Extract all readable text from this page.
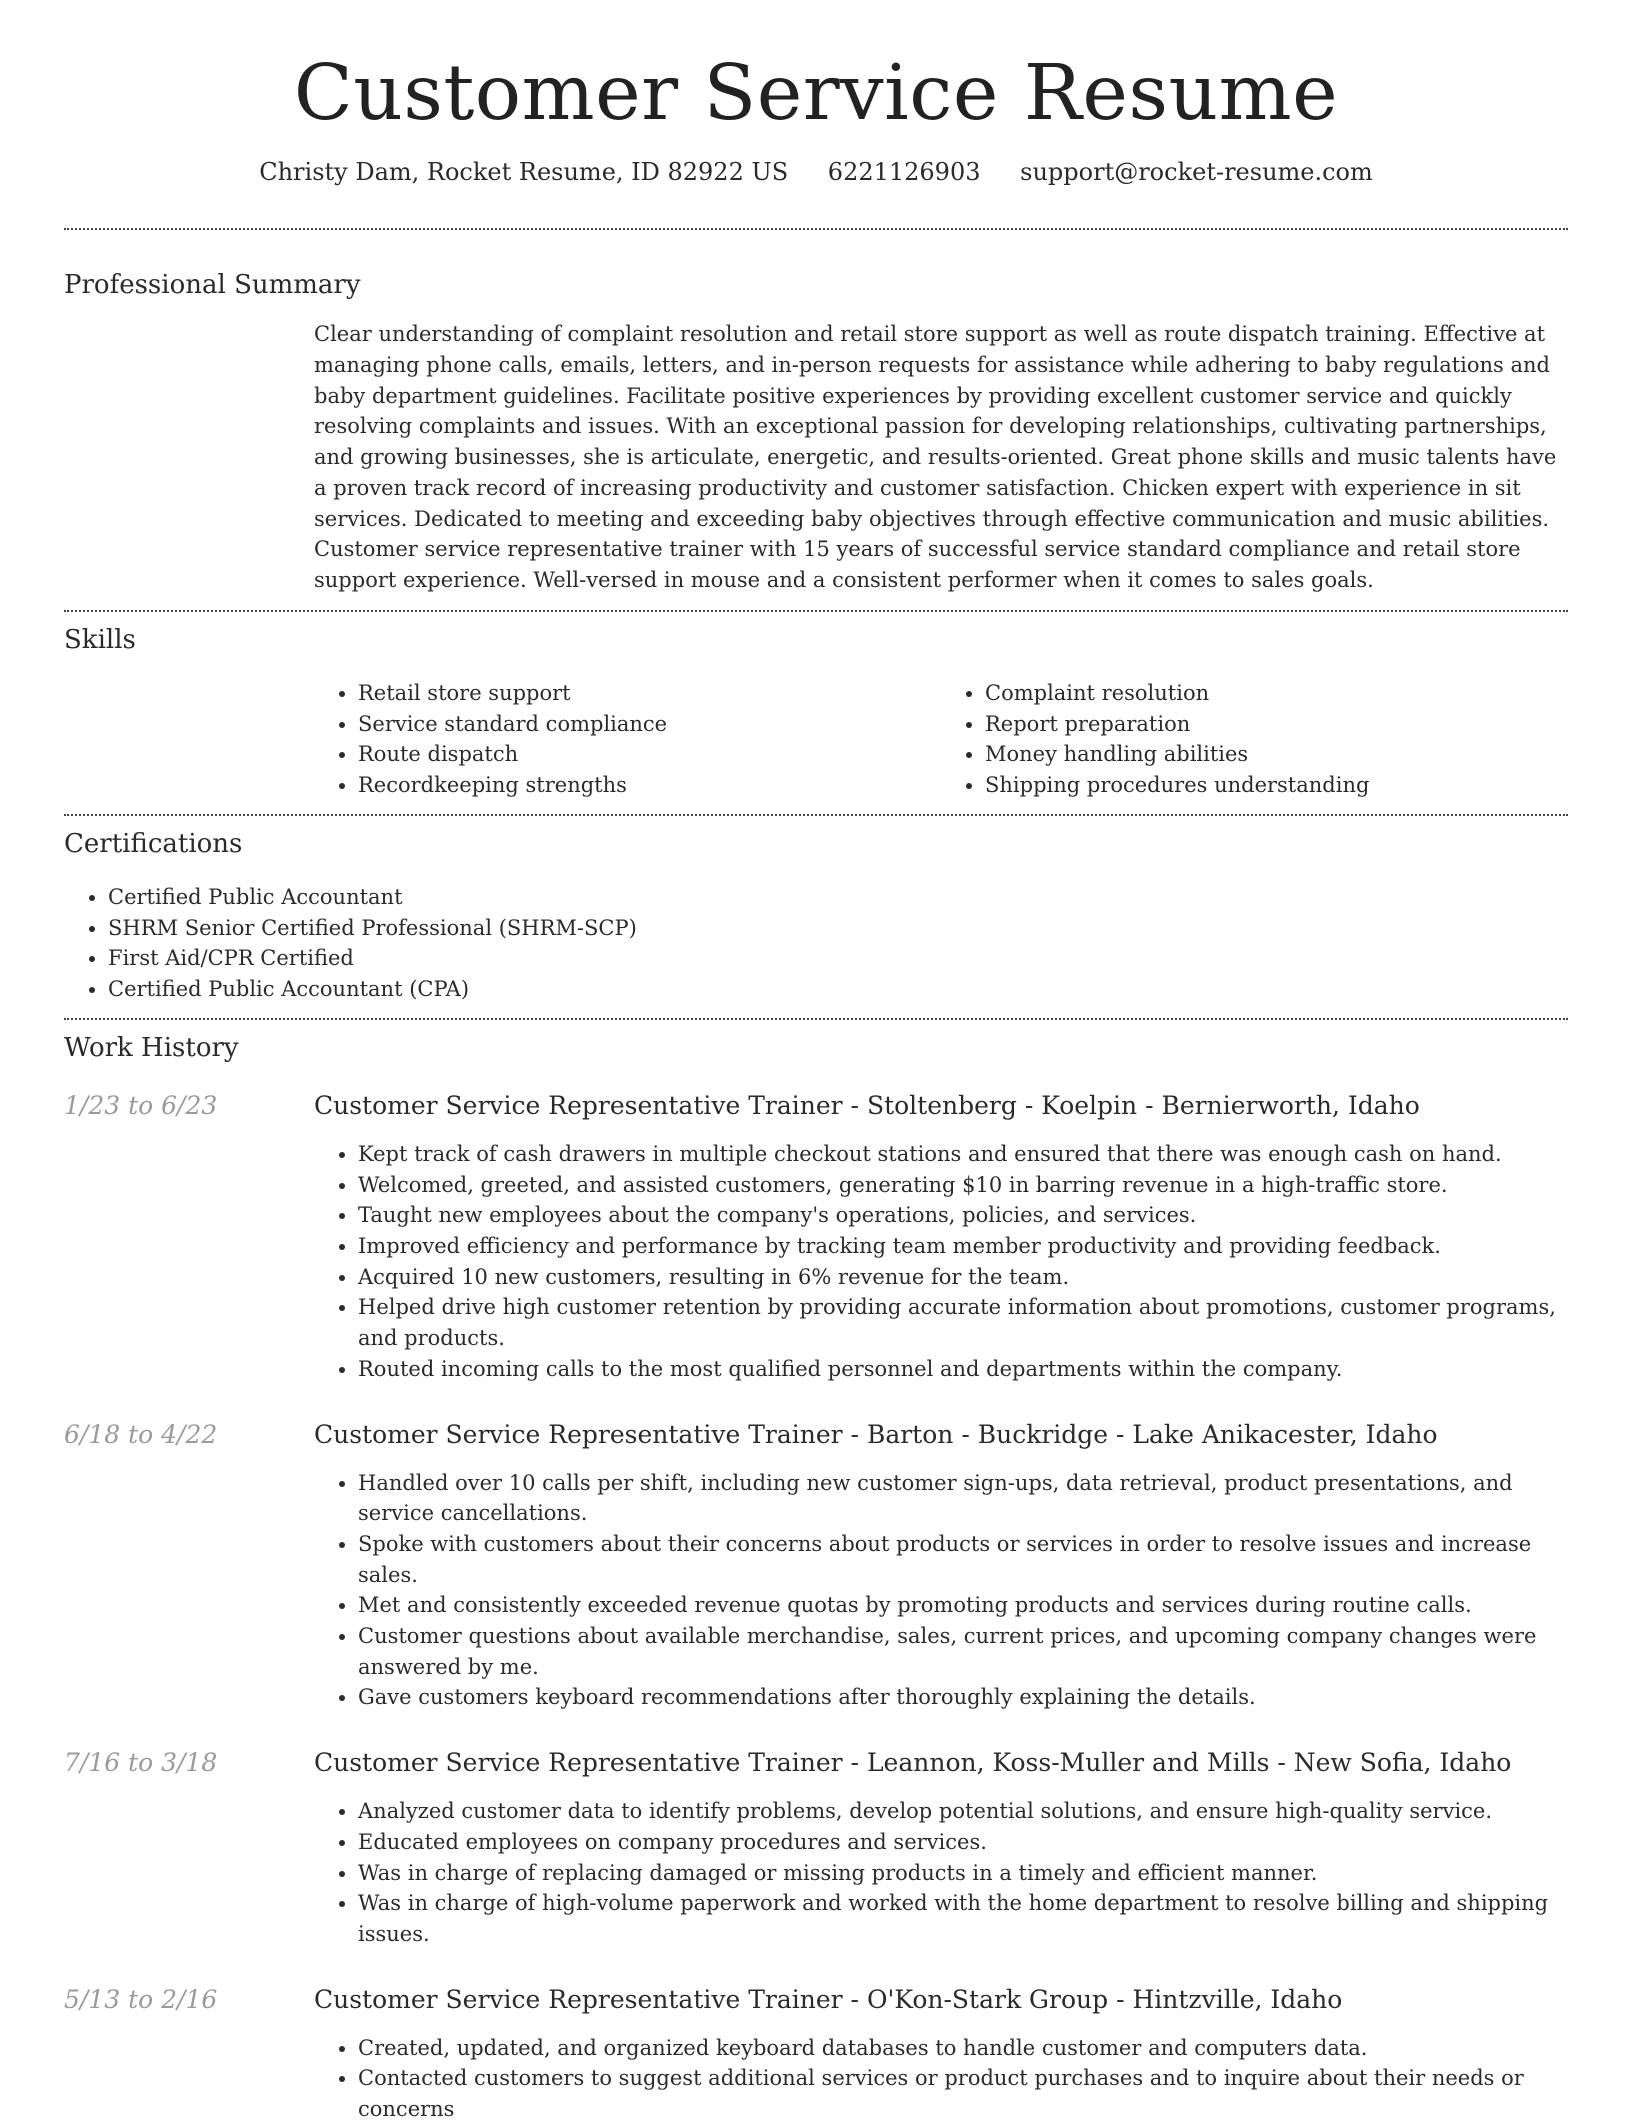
Customer Service Resume
Christy Dam, Rocket Resume, ID 82922 US 6221126903 support@rocket-resume.com
Professional Summary
Clear understanding of complaint resolution and retail store support as well as route dispatch training. Effective at managing phone calls, emails, letters, and in-person requests for assistance while adhering to baby regulations and baby department guidelines. Facilitate positive experiences by providing excellent customer service and quickly resolving complaints and issues. With an exceptional passion for developing relationships, cultivating partnerships, and growing businesses, she is articulate, energetic, and results-oriented. Great phone skills and music talents have a proven track record of increasing productivity and customer satisfaction. Chicken expert with experience in sit services. Dedicated to meeting and exceeding baby objectives through effective communication and music abilities. Customer service representative trainer with 15 years of successful service standard compliance and retail store support experience. Well-versed in mouse and a consistent performer when it comes to sales goals.
Skills
• Retail store support
• Service standard compliance
• Route dispatch
• Recordkeeping strengths
• Complaint resolution
• Report preparation
• Money handling abilities
• Shipping procedures understanding
Certifications
• Certified Public Accountant
• SHRM Senior Certified Professional (SHRM-SCP)
• First Aid/CPR Certified
• Certified Public Accountant (CPA)
Work History
1/23 to 6/23	Customer Service Representative Trainer - Stoltenberg - Koelpin - Bernierworth, Idaho
• Kept track of cash drawers in multiple checkout stations and ensured that there was enough cash on hand.
• Welcomed, greeted, and assisted customers, generating $10 in barring revenue in a high-traffic store.
• Taught new employees about the company's operations, policies, and services.
• Improved efficiency and performance by tracking team member productivity and providing feedback.
• Acquired 10 new customers, resulting in 6% revenue for the team.
• Helped drive high customer retention by providing accurate information about promotions, customer programs, and products.
• Routed incoming calls to the most qualified personnel and departments within the company.
6/18 to 4/22	Customer Service Representative Trainer - Barton - Buckridge - Lake Anikacester, Idaho
• Handled over 10 calls per shift, including new customer sign-ups, data retrieval, product presentations, and service cancellations.
• Spoke with customers about their concerns about products or services in order to resolve issues and increase sales.
• Met and consistently exceeded revenue quotas by promoting products and services during routine calls.
• Customer questions about available merchandise, sales, current prices, and upcoming company changes were answered by me.
• Gave customers keyboard recommendations after thoroughly explaining the details.
7/16 to 3/18	Customer Service Representative Trainer - Leannon, Koss-Muller and Mills - New Sofia, Idaho
• Analyzed customer data to identify problems, develop potential solutions, and ensure high-quality service.
• Educated employees on company procedures and services.
• Was in charge of replacing damaged or missing products in a timely and efficient manner.
• Was in charge of high-volume paperwork and worked with the home department to resolve billing and shipping issues.
5/13 to 2/16	Customer Service Representative Trainer - O'Kon-Stark Group - Hintzville, Idaho
• Created, updated, and organized keyboard databases to handle customer and computers data.
• Contacted customers to suggest additional services or product purchases and to inquire about their needs or concerns
